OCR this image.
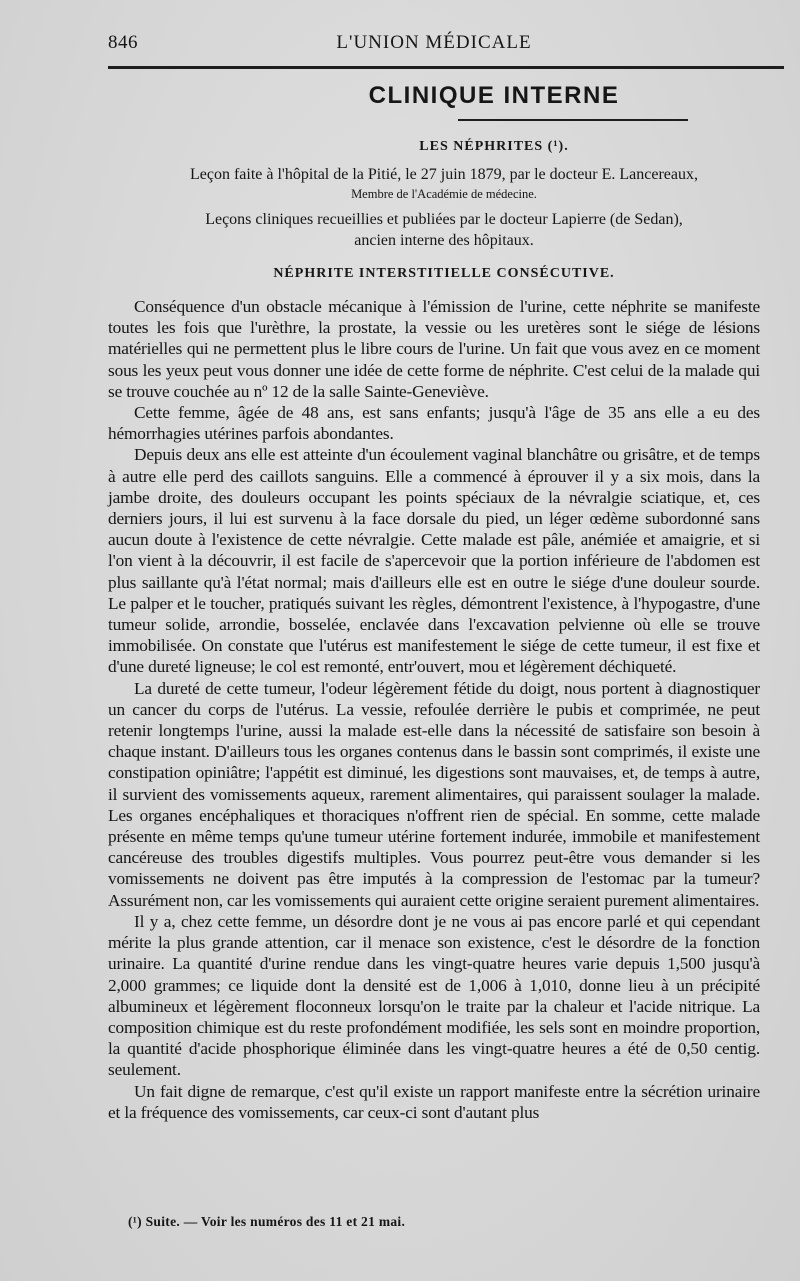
846	L'UNION MÉDICALE
CLINIQUE INTERNE
LES NÉPHRITES (¹).

Leçon faite à l'hôpital de la Pitié, le 27 juin 1879, par le docteur E. Lancereaux,

Membre de l'Académie de médecine.

Leçons cliniques recueillies et publiées par le docteur Lapierre (de Sedan),

ancien interne des hôpitaux.

NÉPHRITE INTERSTITIELLE CONSÉCUTIVE.

Conséquence d'un obstacle mécanique à l'émission de l'urine, cette néphrite se manifeste toutes les fois que l'urèthre, la prostate, la vessie ou les uretères sont le siége de lésions matérielles qui ne permettent plus le libre cours de l'urine. Un fait que vous avez en ce moment sous les yeux peut vous donner une idée de cette forme de néphrite. C'est celui de la malade qui se trouve couchée au nº 12 de la salle Sainte-Geneviève.

Cette femme, âgée de 48 ans, est sans enfants; jusqu'à l'âge de 35 ans elle a eu des hémorrhagies utérines parfois abondantes.

Depuis deux ans elle est atteinte d'un écoulement vaginal blanchâtre ou grisâtre, et de temps à autre elle perd des caillots sanguins. Elle a commencé à éprouver il y a six mois, dans la jambe droite, des douleurs occupant les points spéciaux de la névralgie sciatique, et, ces derniers jours, il lui est survenu à la face dorsale du pied, un léger œdème subordonné sans aucun doute à l'existence de cette névralgie. Cette malade est pâle, anémiée et amaigrie, et si l'on vient à la découvrir, il est facile de s'apercevoir que la portion inférieure de l'abdomen est plus saillante qu'à l'état normal; mais d'ailleurs elle est en outre le siége d'une douleur sourde. Le palper et le toucher, pratiqués suivant les règles, démontrent l'existence, à l'hypogastre, d'une tumeur solide, arrondie, bosselée, enclavée dans l'excavation pelvienne où elle se trouve immobilisée. On constate que l'utérus est manifestement le siége de cette tumeur, il est fixe et d'une dureté ligneuse; le col est remonté, entr'ouvert, mou et légèrement déchiqueté.

La dureté de cette tumeur, l'odeur légèrement fétide du doigt, nous portent à diagnostiquer un cancer du corps de l'utérus. La vessie, refoulée derrière le pubis et comprimée, ne peut retenir longtemps l'urine, aussi la malade est-elle dans la nécessité de satisfaire son besoin à chaque instant. D'ailleurs tous les organes contenus dans le bassin sont comprimés, il existe une constipation opiniâtre; l'appétit est diminué, les digestions sont mauvaises, et, de temps à autre, il survient des vomissements aqueux, rarement alimentaires, qui paraissent soulager la malade. Les organes encéphaliques et thoraciques n'offrent rien de spécial. En somme, cette malade présente en même temps qu'une tumeur utérine fortement indurée, immobile et manifestement cancéreuse des troubles digestifs multiples. Vous pourrez peut-être vous demander si les vomissements ne doivent pas être imputés à la compression de l'estomac par la tumeur? Assurément non, car les vomissements qui auraient cette origine seraient purement alimentaires.

Il y a, chez cette femme, un désordre dont je ne vous ai pas encore parlé et qui cependant mérite la plus grande attention, car il menace son existence, c'est le désordre de la fonction urinaire. La quantité d'urine rendue dans les vingt-quatre heures varie depuis 1,500 jusqu'à 2,000 grammes; ce liquide dont la densité est de 1,006 à 1,010, donne lieu à un précipité albumineux et légèrement floconneux lorsqu'on le traite par la chaleur et l'acide nitrique. La composition chimique est du reste profondément modifiée, les sels sont en moindre proportion, la quantité d'acide phosphorique éliminée dans les vingt-quatre heures a été de 0,50 centig. seulement.

Un fait digne de remarque, c'est qu'il existe un rapport manifeste entre la sécrétion urinaire et la fréquence des vomissements, car ceux-ci sont d'autant plus

(¹) Suite. — Voir les numéros des 11 et 21 mai.
